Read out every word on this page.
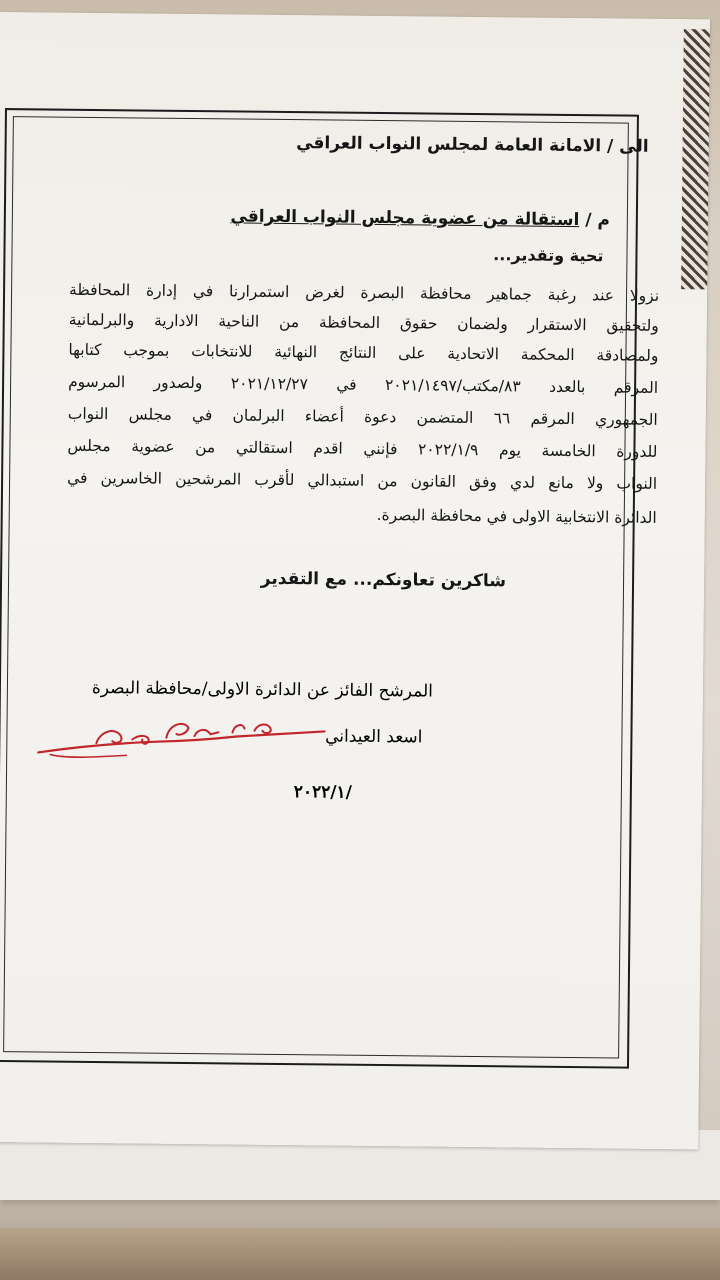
الى / الامانة العامة لمجلس النواب العراقي
م / استقالة من عضوية مجلس النواب العراقي
تحية وتقدير...
نزولا عند رغبة جماهير محافظة البصرة لغرض استمرارنا في إدارة المحافظة
ولتحقيق الاستقرار ولضمان حقوق المحافظة من الناحية الادارية والبرلمانية
ولمصادقة المحكمة الاتحادية على النتائج النهائية للانتخابات بموجب كتابها
المرقم بالعدد ٨٣/مكتب/٢٠٢١/١٤٩٧ في ٢٠٢١/١٢/٢٧ ولصدور المرسوم
الجمهوري المرقم ٦٦ المتضمن دعوة أعضاء البرلمان في مجلس النواب
للدورة الخامسة يوم ٢٠٢٢/١/٩ فإنني اقدم استقالتي من عضوية مجلس
النواب ولا مانع لدي وفق القانون من استبدالي لأقرب المرشحين الخاسرين في
الدائرة الانتخابية الاولى في محافظة البصرة.
شاكرين تعاونكم... مع التقدير
المرشح الفائز عن الدائرة الاولى/محافظة البصرة
اسعد العيداني
٢٠٢٢/١/
